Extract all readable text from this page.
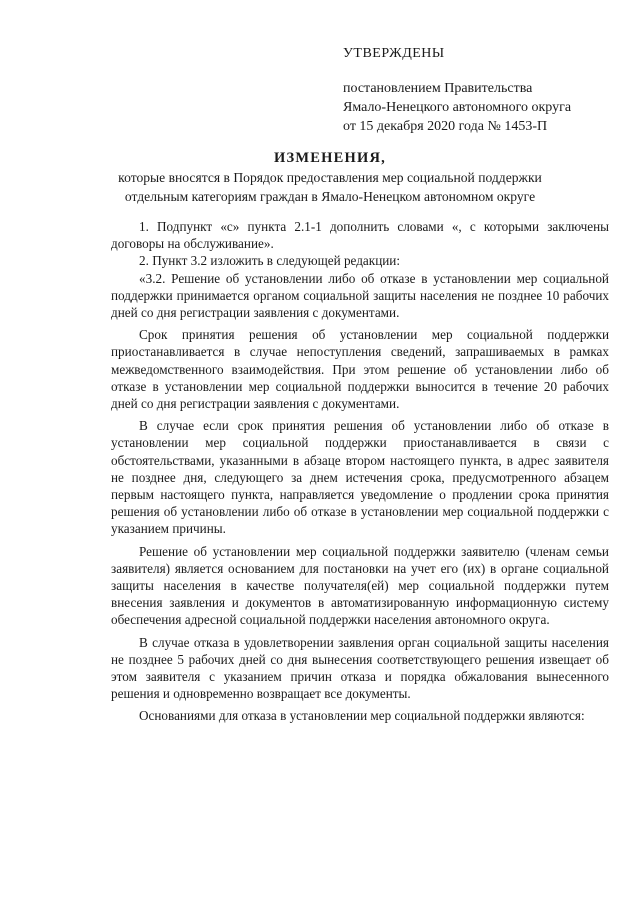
УТВЕРЖДЕНЫ
постановлением Правительства
Ямало-Ненецкого автономного округа
от 15 декабря 2020 года № 1453-П
ИЗМЕНЕНИЯ,
которые вносятся в Порядок предоставления мер социальной поддержки
отдельным категориям граждан в Ямало-Ненецком автономном округе

1. Подпункт «с» пункта 2.1-1 дополнить словами «, с которыми заключены договоры на обслуживание».

2. Пункт 3.2 изложить в следующей редакции:

«3.2. Решение об установлении либо об отказе в установлении мер социальной поддержки принимается органом социальной защиты населения не позднее 10 рабочих дней со дня регистрации заявления с документами.

Срок принятия решения об установлении мер социальной поддержки приостанавливается в случае непоступления сведений, запрашиваемых в рамках межведомственного взаимодействия. При этом решение об установлении либо об отказе в установлении мер социальной поддержки выносится в течение 20 рабочих дней со дня регистрации заявления с документами.

В случае если срок принятия решения об установлении либо об отказе в установлении мер социальной поддержки приостанавливается в связи с обстоятельствами, указанными в абзаце втором настоящего пункта, в адрес заявителя не позднее дня, следующего за днем истечения срока, предусмотренного абзацем первым настоящего пункта, направляется уведомление о продлении срока принятия решения об установлении либо об отказе в установлении мер социальной поддержки с указанием причины.

Решение об установлении мер социальной поддержки заявителю (членам семьи заявителя) является основанием для постановки на учет его (их) в органе социальной защиты населения в качестве получателя(ей) мер социальной поддержки путем внесения заявления и документов в автоматизированную информационную систему обеспечения адресной социальной поддержки населения автономного округа.

В случае отказа в удовлетворении заявления орган социальной защиты населения не позднее 5 рабочих дней со дня вынесения соответствующего решения извещает об этом заявителя с указанием причин отказа и порядка обжалования вынесенного решения и одновременно возвращает все документы.

Основаниями для отказа в установлении мер социальной поддержки являются:
